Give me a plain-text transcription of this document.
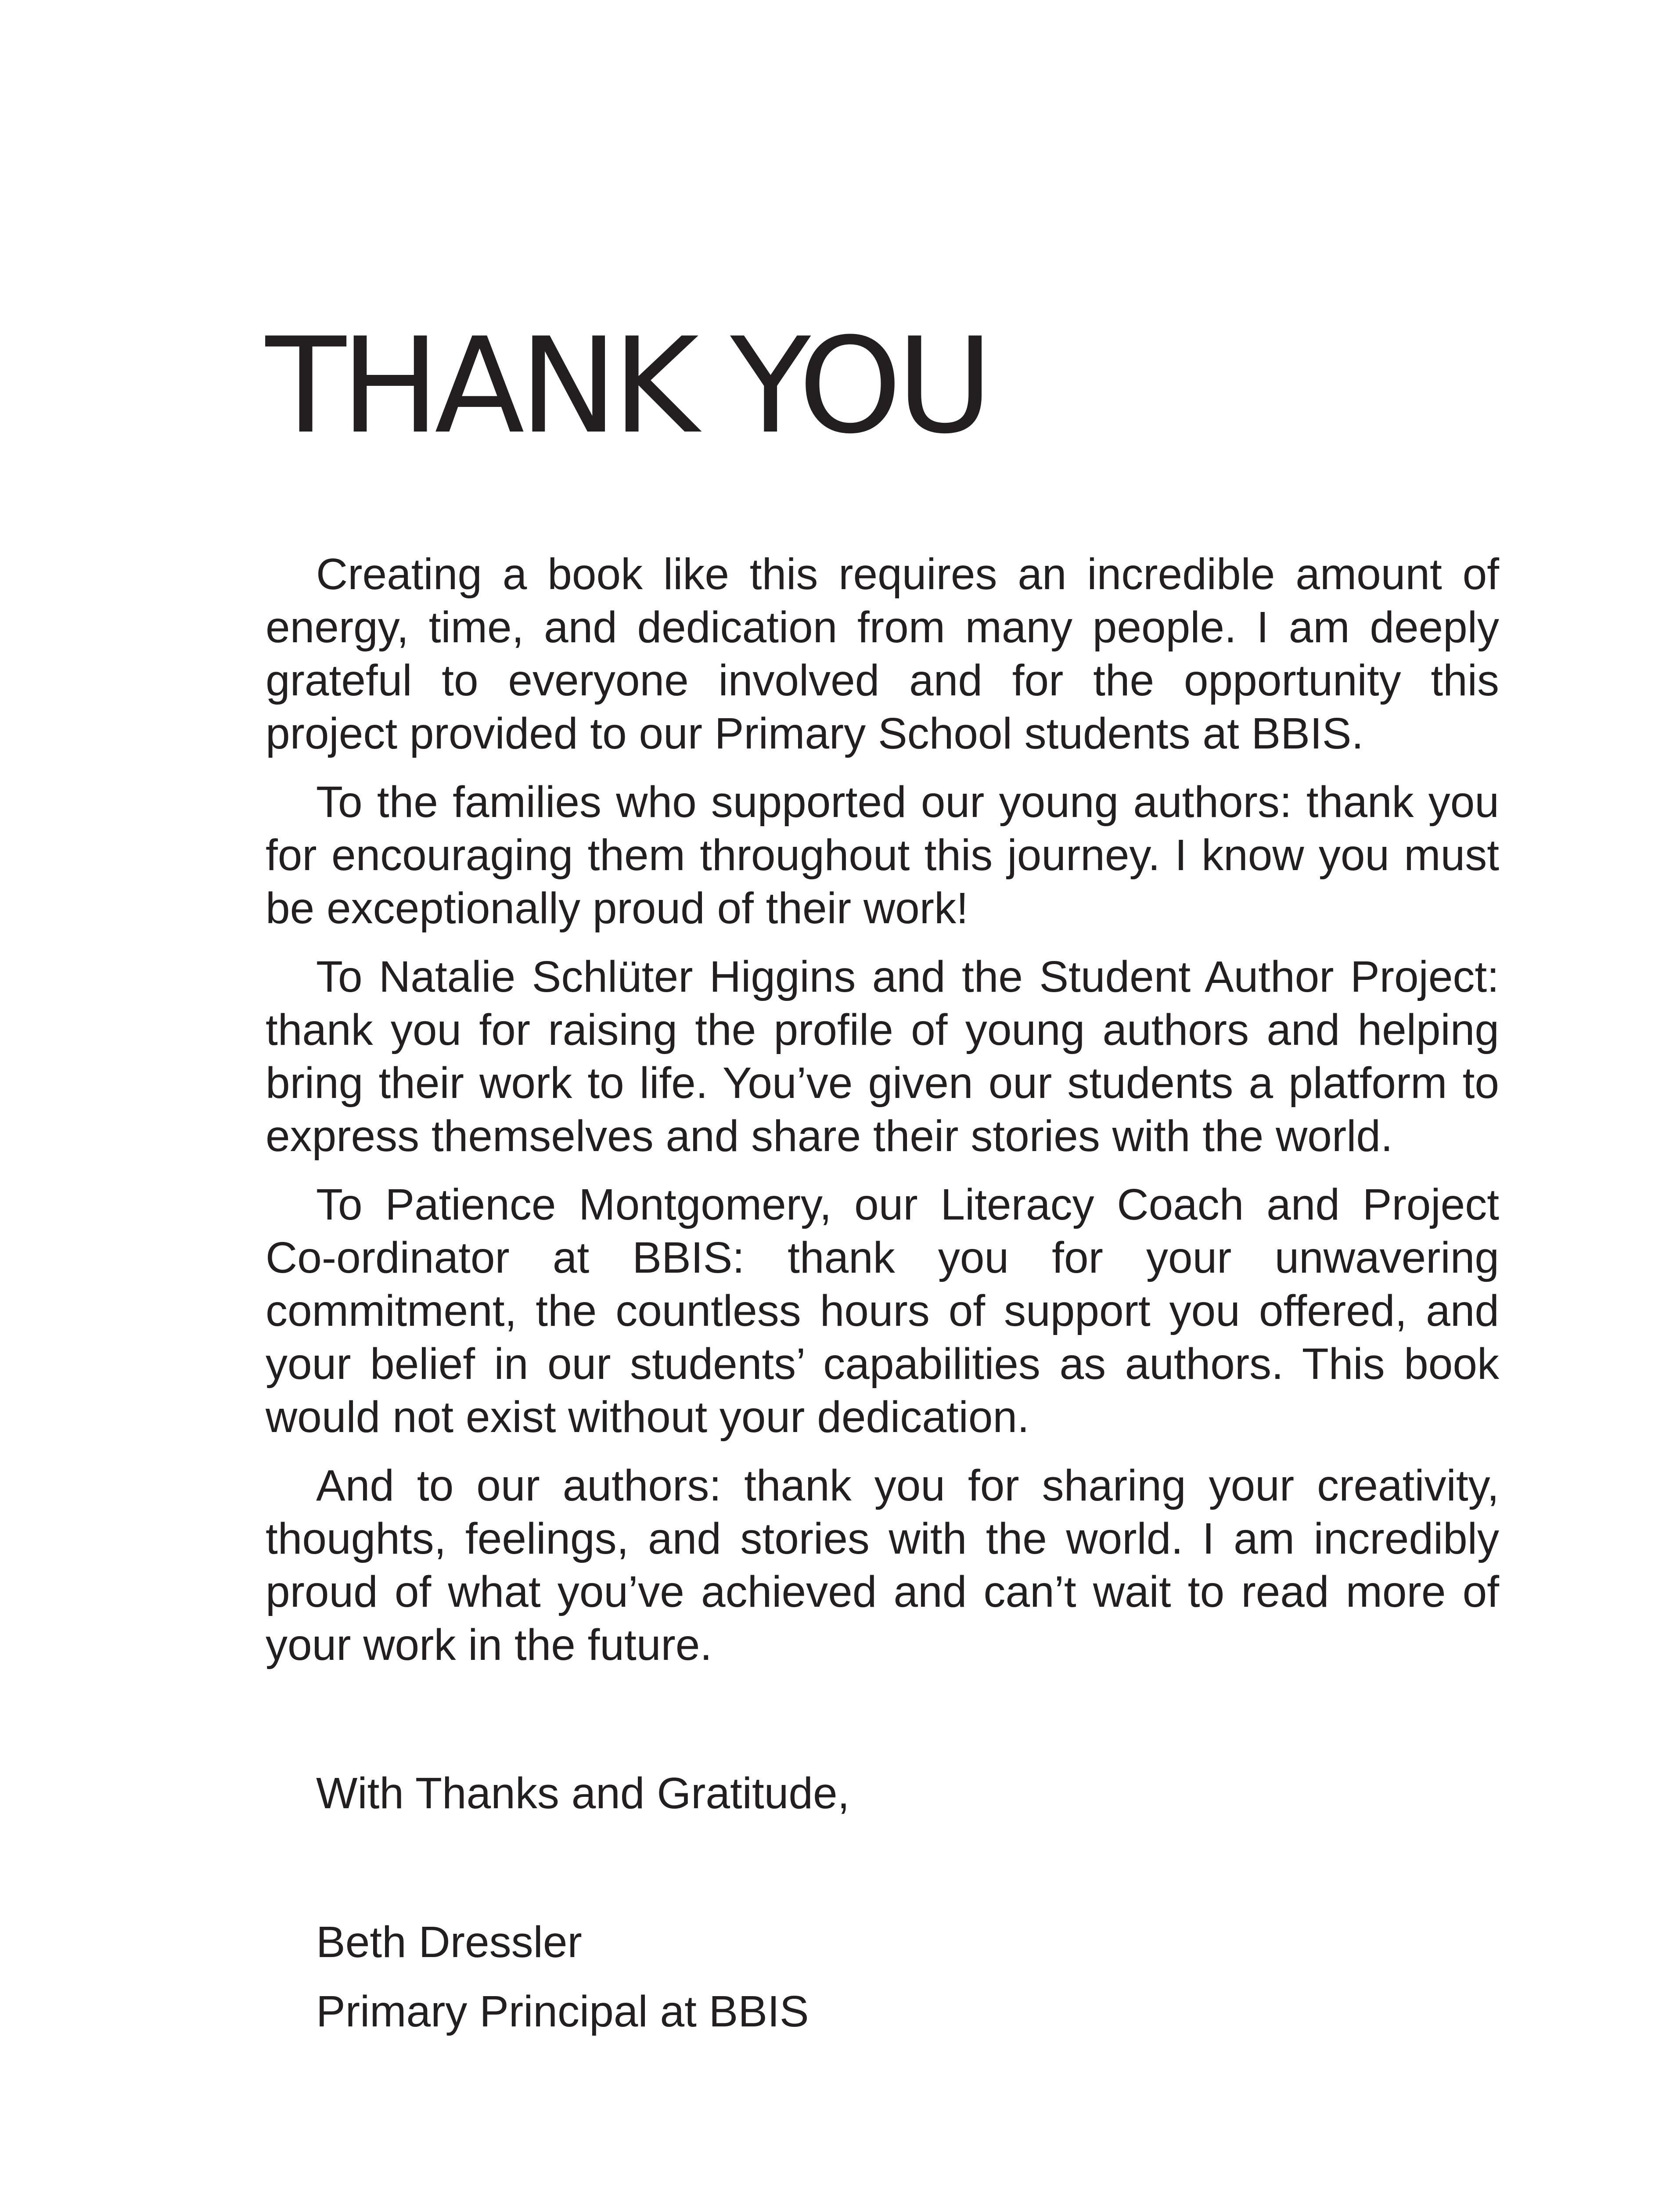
THANK YOU

Creating a book like this requires an incredible amount of energy, time, and dedication from many people. I am deeply grateful to everyone involved and for the opportunity this project provided to our Primary School students at BBIS.

To the families who supported our young authors: thank you for encouraging them throughout this journey. I know you must be exceptionally proud of their work!

To Natalie Schlüter Higgins and the Student Author Project: thank you for raising the profile of young authors and helping bring their work to life. You’ve given our students a platform to express themselves and share their stories with the world.

To Patience Montgomery, our Literacy Coach and Project Co-ordinator at BBIS: thank you for your unwavering commitment, the countless hours of support you offered, and your belief in our students’ capabilities as authors. This book would not exist without your dedication.

And to our authors: thank you for sharing your creativity, thoughts, feelings, and stories with the world. I am incredibly proud of what you’ve achieved and can’t wait to read more of your work in the future.

With Thanks and Gratitude,
Beth Dressler
Primary Principal at BBIS
